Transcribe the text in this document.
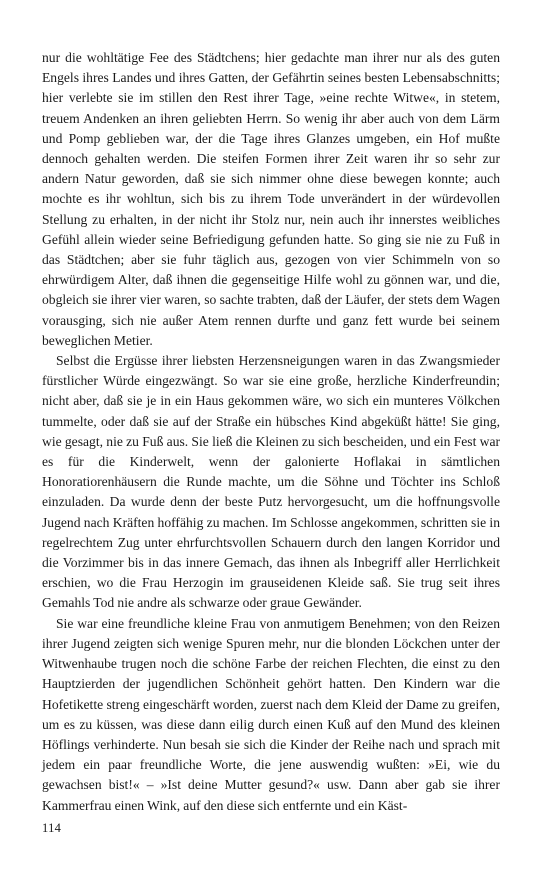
nur die wohltätige Fee des Städtchens; hier gedachte man ihrer nur als des guten Engels ihres Landes und ihres Gatten, der Gefährtin seines besten Lebensabschnitts; hier verlebte sie im stillen den Rest ihrer Tage, »eine rechte Witwe«, in stetem, treuem Andenken an ihren geliebten Herrn. So wenig ihr aber auch von dem Lärm und Pomp geblieben war, der die Tage ihres Glanzes umgeben, ein Hof mußte dennoch gehalten werden. Die steifen Formen ihrer Zeit waren ihr so sehr zur andern Natur geworden, daß sie sich nimmer ohne diese bewegen konnte; auch mochte es ihr wohltun, sich bis zu ihrem Tode unverändert in der würdevollen Stellung zu erhalten, in der nicht ihr Stolz nur, nein auch ihr innerstes weibliches Gefühl allein wieder seine Befriedigung gefunden hatte. So ging sie nie zu Fuß in das Städtchen; aber sie fuhr täglich aus, gezogen von vier Schimmeln von so ehrwürdigem Alter, daß ihnen die gegenseitige Hilfe wohl zu gönnen war, und die, obgleich sie ihrer vier waren, so sachte trabten, daß der Läufer, der stets dem Wagen vorausging, sich nie außer Atem rennen durfte und ganz fett wurde bei seinem beweglichen Metier.

Selbst die Ergüsse ihrer liebsten Herzensneigungen waren in das Zwangsmieder fürstlicher Würde eingezwängt. So war sie eine große, herzliche Kinderfreundin; nicht aber, daß sie je in ein Haus gekommen wäre, wo sich ein munteres Völkchen tummelte, oder daß sie auf der Straße ein hübsches Kind abgeküßt hätte! Sie ging, wie gesagt, nie zu Fuß aus. Sie ließ die Kleinen zu sich bescheiden, und ein Fest war es für die Kinderwelt, wenn der galonierte Hoflakai in sämtlichen Honoratiorenhäusern die Runde machte, um die Söhne und Töchter ins Schloß einzuladen. Da wurde denn der beste Putz hervorgesucht, um die hoffnungsvolle Jugend nach Kräften hoffähig zu machen. Im Schlosse angekommen, schritten sie in regelrechtem Zug unter ehrfurchtsvollen Schauern durch den langen Korridor und die Vorzimmer bis in das innere Gemach, das ihnen als Inbegriff aller Herrlichkeit erschien, wo die Frau Herzogin im grauseidenen Kleide saß. Sie trug seit ihres Gemahls Tod nie andre als schwarze oder graue Gewänder.

Sie war eine freundliche kleine Frau von anmutigem Benehmen; von den Reizen ihrer Jugend zeigten sich wenige Spuren mehr, nur die blonden Löckchen unter der Witwenhaube trugen noch die schöne Farbe der reichen Flechten, die einst zu den Hauptzierden der jugendlichen Schönheit gehört hatten. Den Kindern war die Hofetikette streng eingeschärft worden, zuerst nach dem Kleid der Dame zu greifen, um es zu küssen, was diese dann eilig durch einen Kuß auf den Mund des kleinen Höflings verhinderte. Nun besah sie sich die Kinder der Reihe nach und sprach mit jedem ein paar freundliche Worte, die jene auswendig wußten: »Ei, wie du gewachsen bist!« – »Ist deine Mutter gesund?« usw. Dann aber gab sie ihrer Kammerfrau einen Wink, auf den diese sich entfernte und ein Käst-

114
